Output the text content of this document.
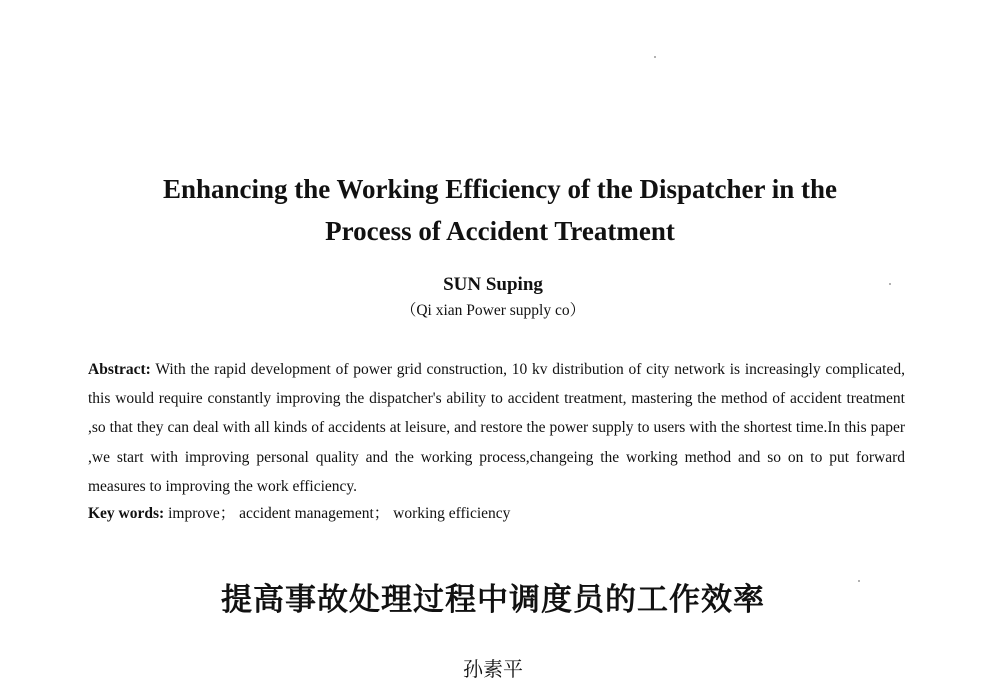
Enhancing the Working Efficiency of the Dispatcher in the
Process of Accident Treatment
SUN Suping
（Qi xian Power supply co）

Abstract: With the rapid development of power grid construction, 10 kv distribution of city network is increasingly complicated, this would require constantly improving the dispatcher's ability to accident treatment, mastering the method of accident treatment ,so that they can deal with all kinds of accidents at leisure, and restore the power supply to users with the shortest time.In this paper ,we start with improving personal quality and the working process,changeing the working method and so on to put forward measures to improving the work efficiency.

Key words: improve； accident management； working efficiency

提高事故处理过程中调度员的工作效率
孙素平
